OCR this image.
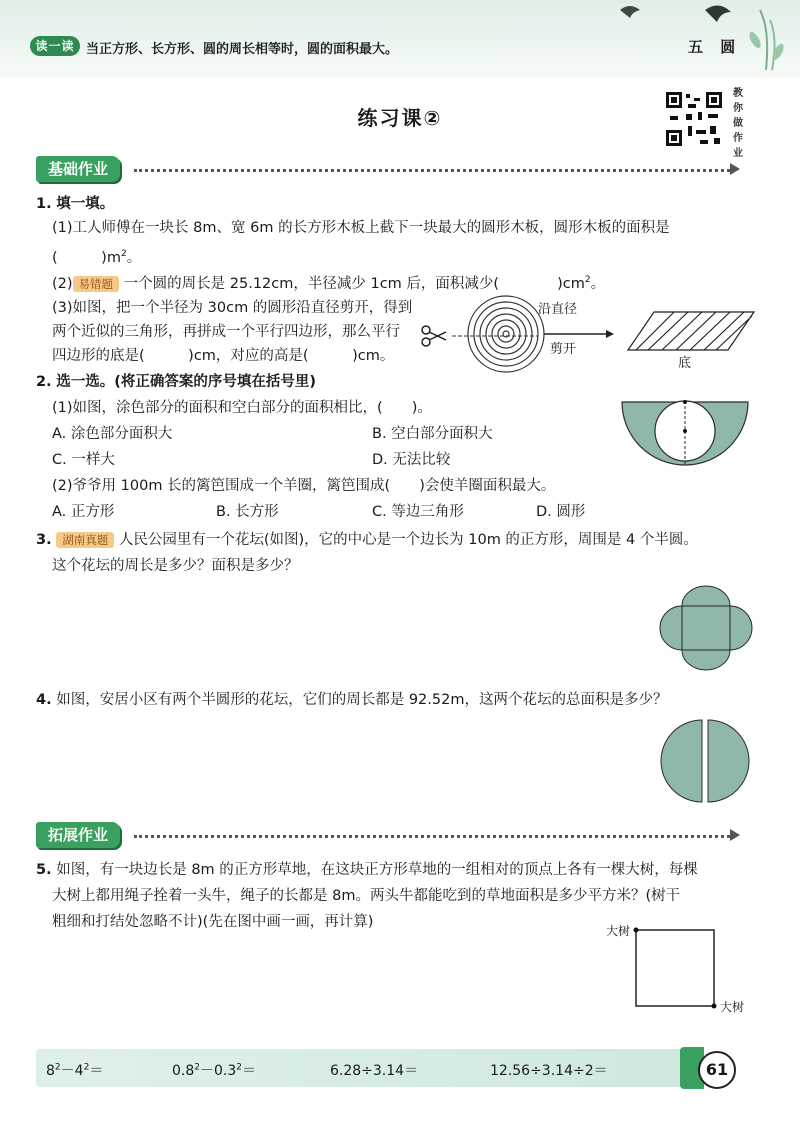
读一读 当正方形、长方形、圆的周长相等时，圆的面积最大。	五 圆
练习课②
教你做作业
基础作业
1. 填一填。
(1)工人师傅在一块长 8m、宽 6m 的长方形木板上截下一块最大的圆形木板，圆形木板的面积是
(　　　)$m^2$。
(2) 易错题 一个圆的周长是 25.12cm，半径减少 1cm 后，面积减少(　　　　)$cm^2$。
(3)如图，把一个半径为 30cm 的圆形沿直径剪开，得到
两个近似的三角形，再拼成一个平行四边形，那么平行
四边形的底是(　　　)cm，对应的高是(　　　)cm。
沿直径
剪开
底
2. 选一选。(将正确答案的序号填在括号里)
(1)如图，涂色部分的面积和空白部分的面积相比，(　　)。
A. 涂色部分面积大	B. 空白部分面积大
C. 一样大	D. 无法比较
(2)爷爷用 100m 长的篱笆围成一个羊圈，篱笆围成(　　)会使羊圈面积最大。
A. 正方形	B. 长方形	C. 等边三角形	D. 圆形
3. 湖南真题 人民公园里有一个花坛(如图)，它的中心是一个边长为 10m 的正方形，周围是 4 个半圆。
这个花坛的周长是多少？面积是多少？
4. 如图，安居小区有两个半圆形的花坛，它们的周长都是 92.52m，这两个花坛的总面积是多少？
拓展作业
5. 如图，有一块边长是 8m 的正方形草地，在这块正方形草地的一组相对的顶点上各有一棵大树，每棵
大树上都用绳子拴着一头牛，绳子的长都是 8m。两头牛都能吃到的草地面积是多少平方米？(树干
粗细和打结处忽略不计)(先在图中画一画，再计算)
大树
大树
$8^2-4^2=$	$0.8^2-0.3^2=$	6.28÷3.14＝	12.56÷3.14÷2＝	61
